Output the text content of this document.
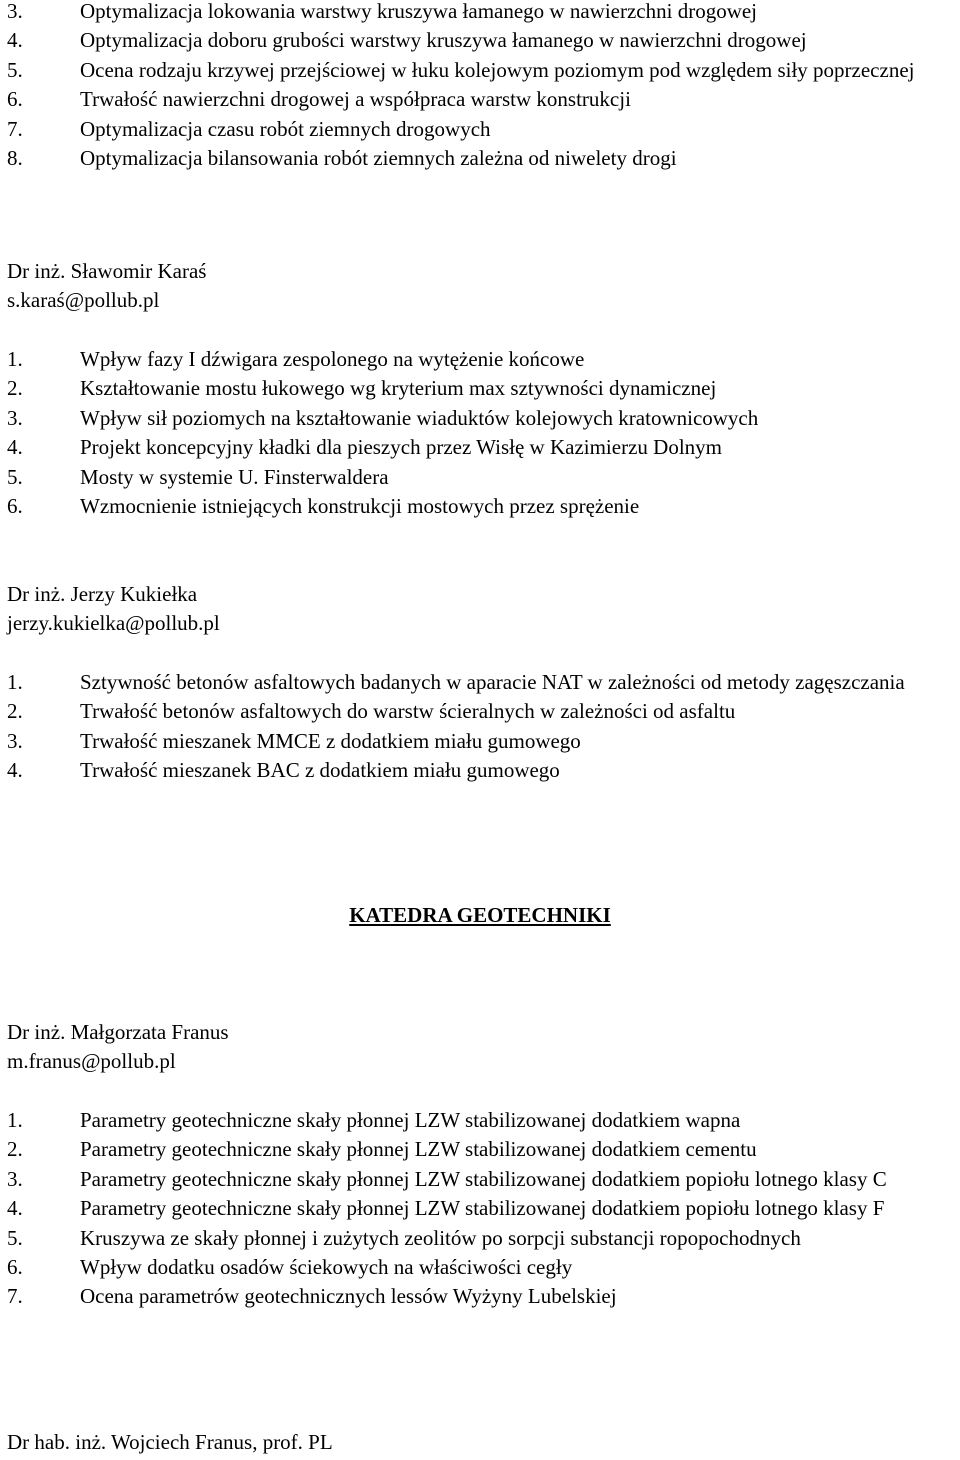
3.	Optymalizacja lokowania warstwy kruszywa łamanego w nawierzchni drogowej
4.	Optymalizacja doboru grubości warstwy kruszywa łamanego w nawierzchni drogowej
5.	Ocena rodzaju krzywej przejściowej w łuku kolejowym poziomym pod względem siły poprzecznej
6.	Trwałość nawierzchni drogowej a współpraca warstw konstrukcji
7.	Optymalizacja czasu robót ziemnych drogowych
8.	Optymalizacja bilansowania robót ziemnych zależna od niwelety drogi
Dr inż. Sławomir Karaś
s.karaś@pollub.pl
1.	Wpływ fazy I dźwigara zespolonego na wytężenie końcowe
2.	Kształtowanie mostu łukowego wg kryterium max sztywności dynamicznej
3.	Wpływ sił poziomych na kształtowanie wiaduktów kolejowych kratownicowych
4.	Projekt koncepcyjny kładki dla pieszych przez Wisłę w Kazimierzu Dolnym
5.	Mosty w systemie U. Finsterwaldera
6.	Wzmocnienie istniejących konstrukcji mostowych przez sprężenie
Dr inż. Jerzy Kukiełka
jerzy.kukielka@pollub.pl
1.	Sztywność betonów asfaltowych badanych w aparacie NAT w zależności od metody zagęszczania
2.	Trwałość betonów asfaltowych do warstw ścieralnych w zależności od asfaltu
3.	Trwałość mieszanek MMCE z dodatkiem miału gumowego
4.	Trwałość mieszanek BAC z dodatkiem miału gumowego
KATEDRA GEOTECHNIKI
Dr inż. Małgorzata Franus
m.franus@pollub.pl
1.	Parametry geotechniczne skały płonnej LZW stabilizowanej dodatkiem wapna
2.	Parametry geotechniczne skały płonnej LZW stabilizowanej dodatkiem cementu
3.	Parametry geotechniczne skały płonnej LZW stabilizowanej dodatkiem popiołu lotnego klasy C
4.	Parametry geotechniczne skały płonnej LZW stabilizowanej dodatkiem popiołu lotnego klasy F
5.	Kruszywa ze skały płonnej i zużytych zeolitów po sorpcji substancji ropopochodnych
6.	Wpływ dodatku osadów ściekowych na właściwości cegły
7.	Ocena parametrów geotechnicznych lessów Wyżyny Lubelskiej
Dr hab. inż. Wojciech Franus, prof. PL
